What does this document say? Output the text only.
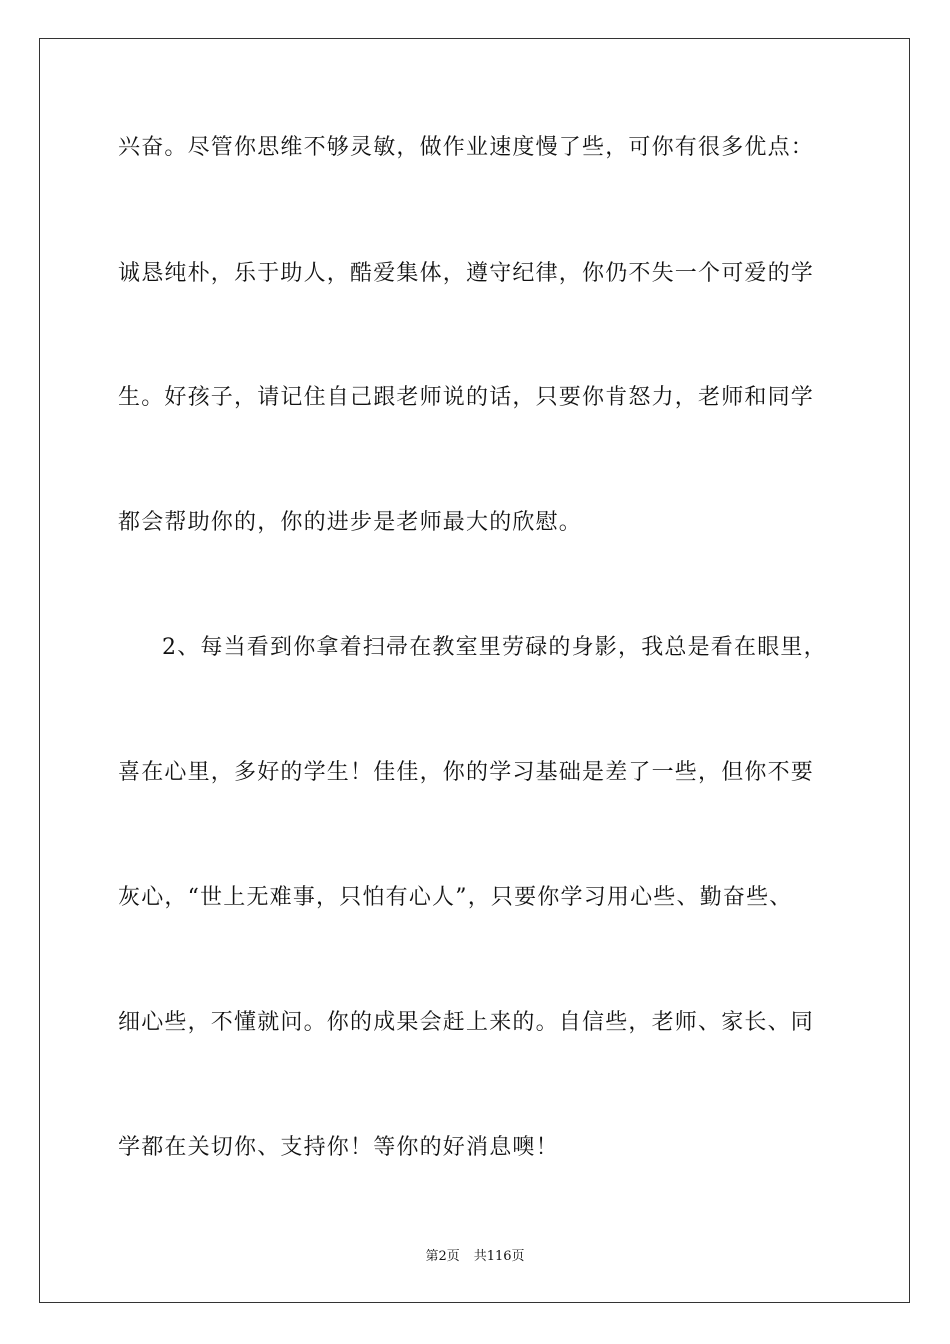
兴奋。尽管你思维不够灵敏，做作业速度慢了些，可你有很多优点：
诚恳纯朴，乐于助人，酷爱集体，遵守纪律，你仍不失一个可爱的学
生。好孩子，请记住自己跟老师说的话，只要你肯怒力，老师和同学
都会帮助你的，你的进步是老师最大的欣慰。
2、每当看到你拿着扫帚在教室里劳碌的身影，我总是看在眼里，
喜在心里，多好的学生！佳佳，你的学习基础是差了一些，但你不要
灰心，“世上无难事，只怕有心人”，只要你学习用心些、勤奋些、
细心些，不懂就问。你的成果会赶上来的。自信些，老师、家长、同
学都在关切你、支持你！等你的好消息噢！
第2页 共116页
